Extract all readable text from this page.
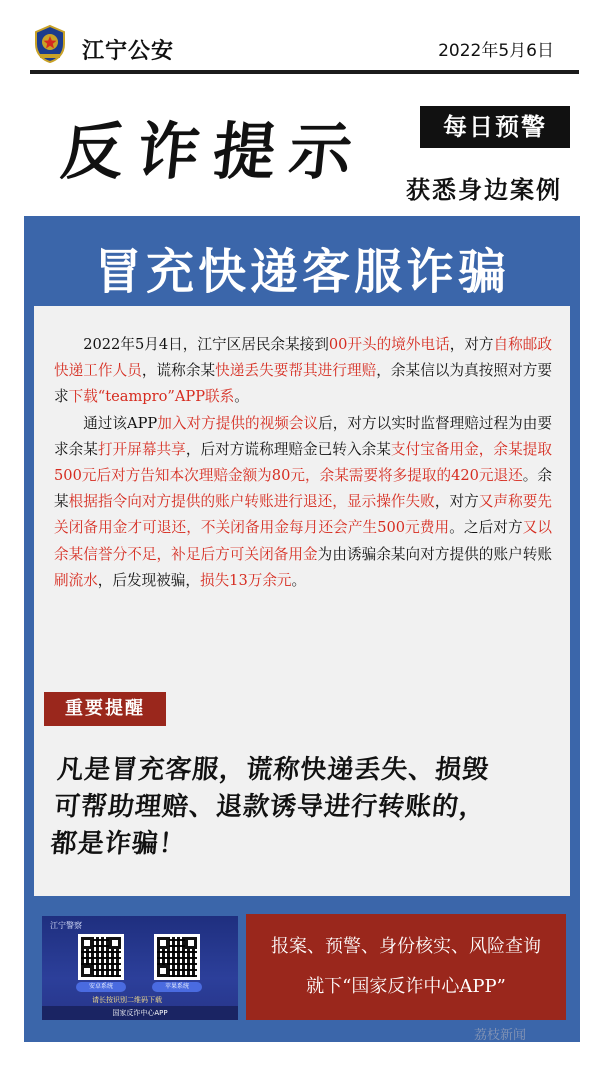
江宁公安	2022年5月6日
反诈提示	每日预警
获悉身边案例
冒充快递客服诈骗

2022年5月4日，江宁区居民余某接到00开头的境外电话，对方自称邮政快递工作人员，谎称余某快递丢失要帮其进行理赔，余某信以为真按照对方要求下载“teampro”APP联系。

通过该APP加入对方提供的视频会议后，对方以实时监督理赔过程为由要求余某打开屏幕共享，后对方谎称理赔金已转入余某支付宝备用金，余某提取500元后对方告知本次理赔金额为80元，余某需要将多提取的420元退还。余某根据指令向对方提供的账户转账进行退还，显示操作失败，对方又声称要先关闭备用金才可退还，不关闭备用金每月还会产生500元费用。之后对方又以余某信誉分不足，补足后方可关闭备用金为由诱骗余某向对方提供的账户转账刷流水，后发现被骗，损失13万余元。

重要提醒
凡是冒充客服，谎称快递丢失、损毁
可帮助理赔、退款诱导进行转账的，
都是诈骗！
江宁警察
安卓系统	苹果系统
请长按识别二维码下载
国家反诈中心APP
报案、预警、身份核实、风险查询
就下“国家反诈中心APP”
荔枝新闻
